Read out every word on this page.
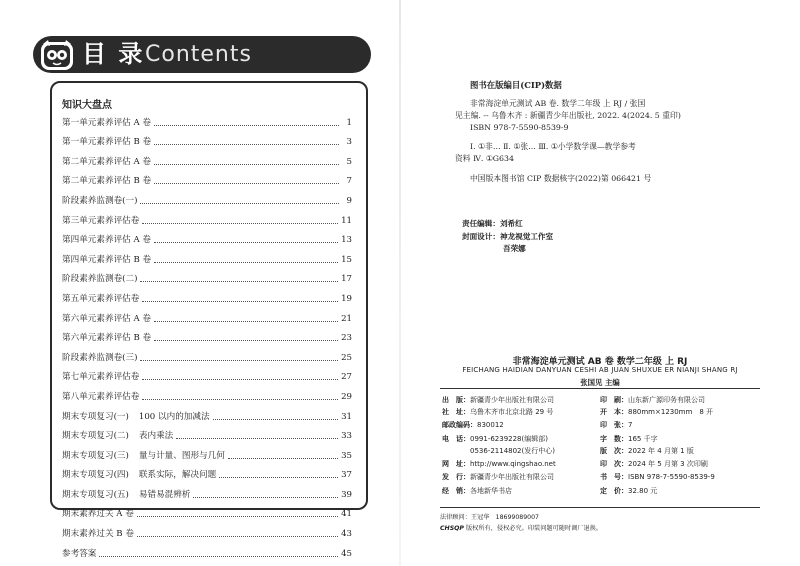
目 录 Contents
知识大盘点
第一单元素养评估 A 卷	1
第一单元素养评估 B 卷	3
第二单元素养评估 A 卷	5
第二单元素养评估 B 卷	7
阶段素养监测卷(一)	9
第三单元素养评估卷	11
第四单元素养评估 A 卷	13
第四单元素养评估 B 卷	15
阶段素养监测卷(二)	17
第五单元素养评估卷	19
第六单元素养评估 A 卷	21
第六单元素养评估 B 卷	23
阶段素养监测卷(三)	25
第七单元素养评估卷	27
第八单元素养评估卷	29
期末专项复习(一) 100 以内的加减法	31
期末专项复习(二) 表内乘法	33
期末专项复习(三) 量与计量、图形与几何	35
期末专项复习(四) 联系实际，解决问题	37
期末专项复习(五) 易错易混辨析	39
期末素养过关 A 卷	41
期末素养过关 B 卷	43
参考答案	45
图书在版编目(CIP)数据
非常海淀单元测试 AB 卷. 数学二年级 上 RJ / 张国
见主编. -- 乌鲁木齐 : 新疆青少年出版社, 2022. 4(2024. 5 重印)
ISBN 978-7-5590-8539-9
Ⅰ. ①非… Ⅱ. ①张… Ⅲ. ①小学数学课—教学参考
资料 Ⅳ. ①G634
中国版本图书馆 CIP 数据核字(2022)第 066421 号
责任编辑：刘希红
封面设计：神龙视觉工作室
吾荣娜
非常海淀单元测试 AB 卷 数学二年级 上 RJ
FEICHANG HAIDIAN DANYUAN CESHI AB JUAN SHUXUE ER NIANJI SHANG RJ
张国见 主编
出　版：新疆青少年出版社有限公司
社　址：乌鲁木齐市北京北路 29 号
邮政编码：830012
电　话：0991-6239228(编辑部)
0536-2114802(发行中心)
网　址：http://www.qingshao.net
发　行：新疆青少年出版社有限公司
经　销：各地新华书店
印　刷：山东新广源印务有限公司
开　本：880mm×1230mm　8 开
印　张：7
字　数：165 千字
版　次：2022 年 4 月第 1 版
印　次：2024 年 5 月第 3 次印刷
书　号：ISBN 978-7-5590-8539-9
定　价：32.80 元
法律顾问：王冠华　18699089007
CHSQP 版权所有，侵权必究。印装问题可随时调厂退换。
